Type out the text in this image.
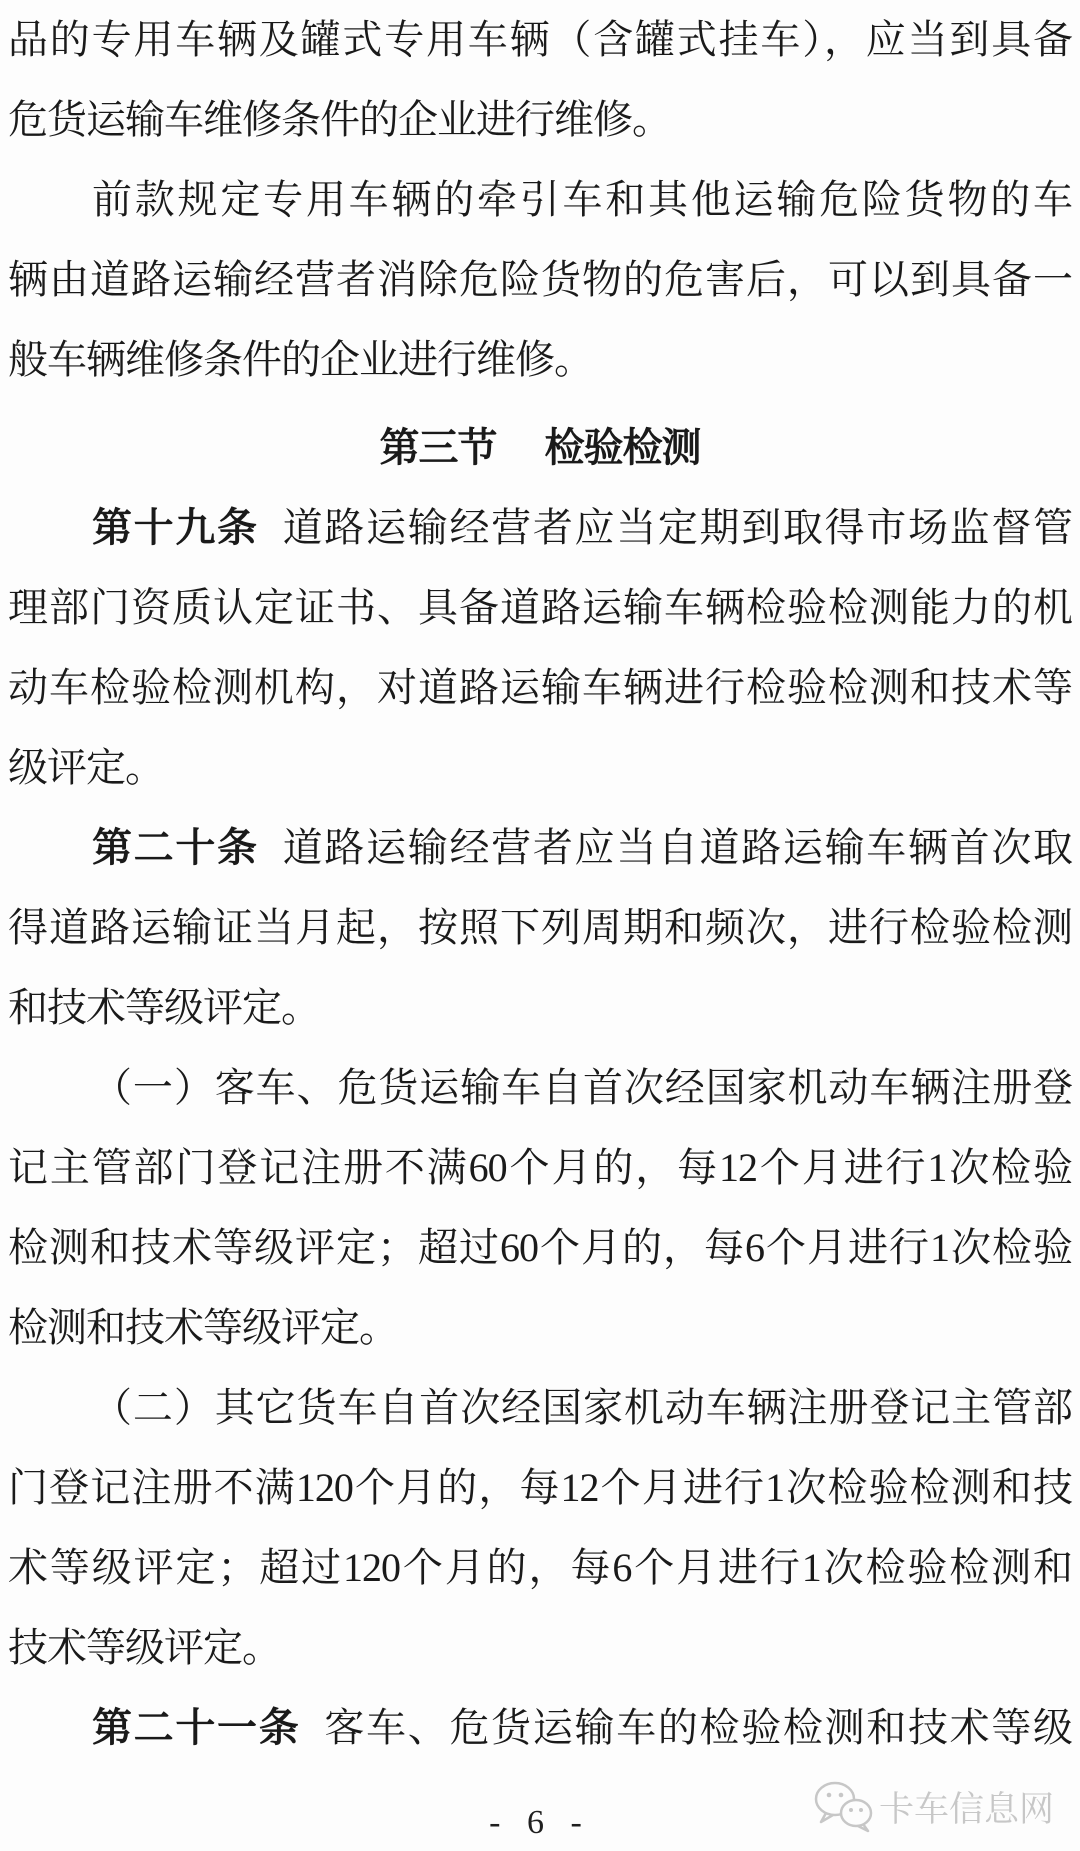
品的专用车辆及罐式专用车辆（含罐式挂车），应当到具备
危货运输车维修条件的企业进行维修。
前款规定专用车辆的牵引车和其他运输危险货物的车
辆由道路运输经营者消除危险货物的危害后，可以到具备一
般车辆维修条件的企业进行维修。
第三节 检验检测
第十九条 道路运输经营者应当定期到取得市场监督管
理部门资质认定证书、具备道路运输车辆检验检测能力的机
动车检验检测机构，对道路运输车辆进行检验检测和技术等
级评定。
第二十条 道路运输经营者应当自道路运输车辆首次取
得道路运输证当月起，按照下列周期和频次，进行检验检测
和技术等级评定。
（一）客车、危货运输车自首次经国家机动车辆注册登
记主管部门登记注册不满60个月的，每12个月进行1次检验
检测和技术等级评定；超过60个月的，每6个月进行1次检验
检测和技术等级评定。
（二）其它货车自首次经国家机动车辆注册登记主管部
门登记注册不满120个月的，每12个月进行1次检验检测和技
术等级评定；超过120个月的，每6个月进行1次检验检测和
技术等级评定。
第二十一条 客车、危货运输车的检验检测和技术等级
- 6 -	卡车信息网
